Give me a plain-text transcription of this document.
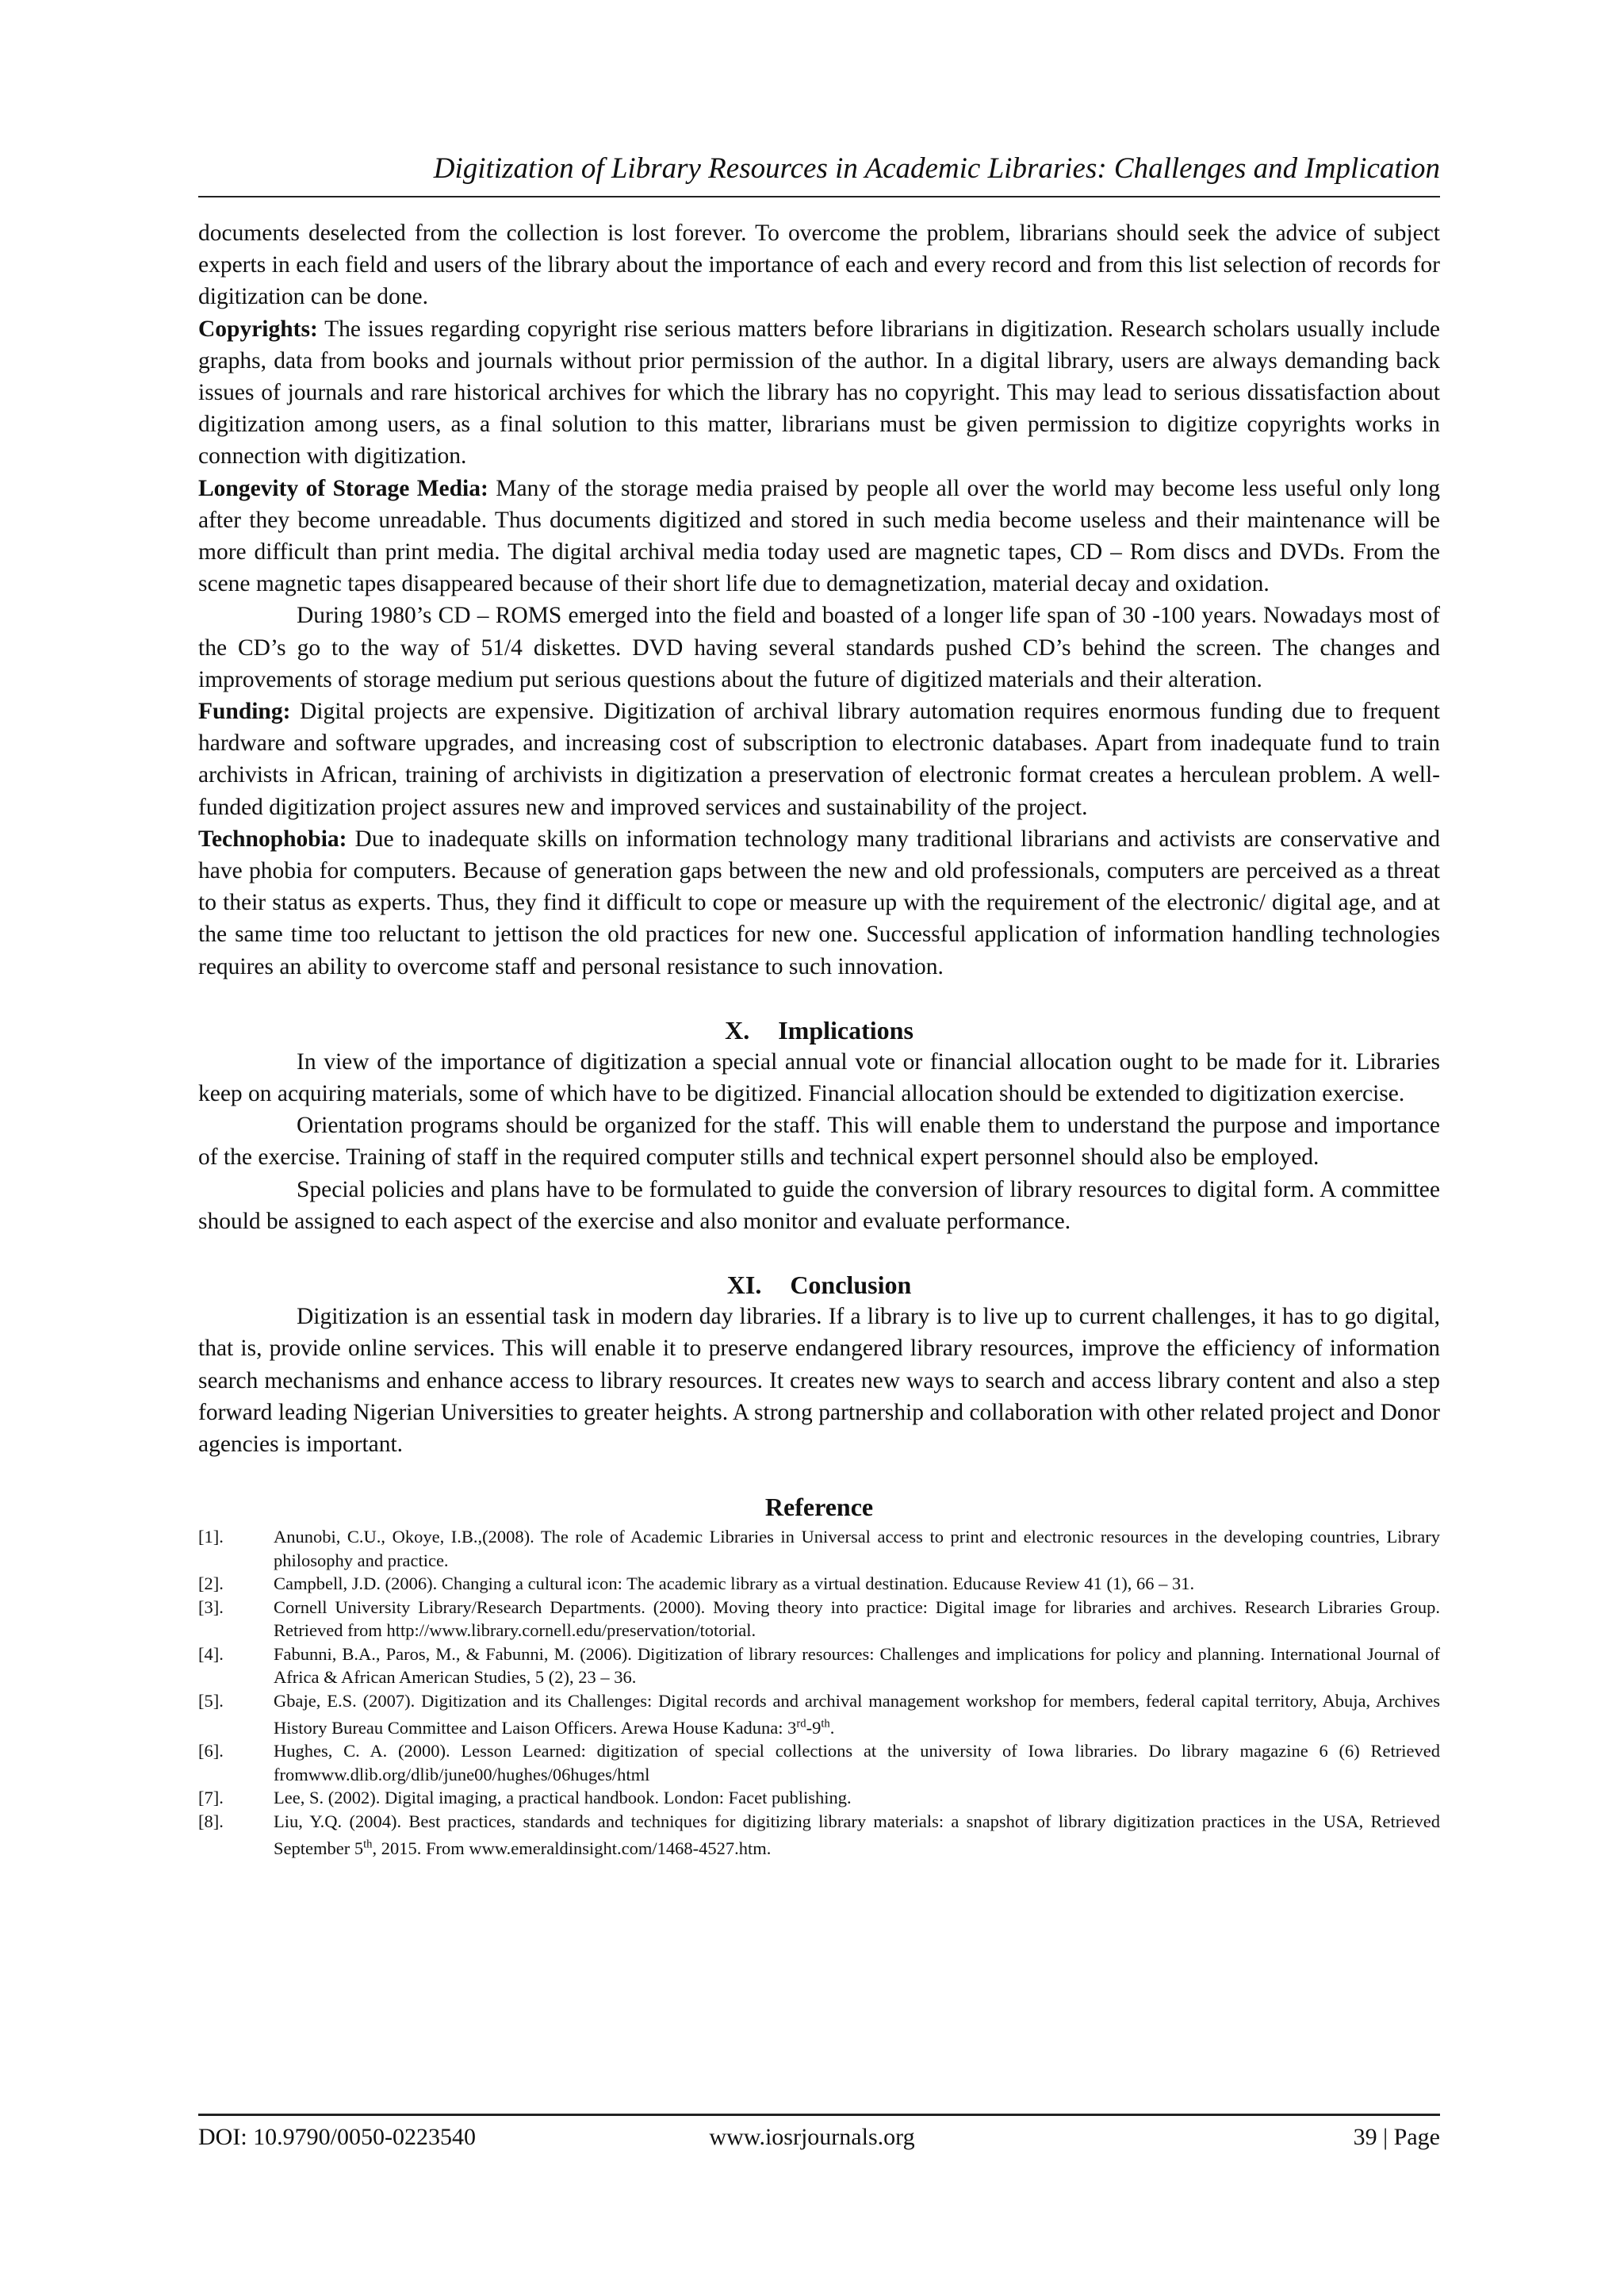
Digitization of Library Resources in Academic Libraries: Challenges and Implication

documents deselected from the collection is lost forever. To overcome the problem, librarians should seek the advice of subject experts in each field and users of the library about the importance of each and every record and from this list selection of records for digitization can be done.

Copyrights: The issues regarding copyright rise serious matters before librarians in digitization. Research scholars usually include graphs, data from books and journals without prior permission of the author. In a digital library, users are always demanding back issues of journals and rare historical archives for which the library has no copyright. This may lead to serious dissatisfaction about digitization among users, as a final solution to this matter, librarians must be given permission to digitize copyrights works in connection with digitization.

Longevity of Storage Media: Many of the storage media praised by people all over the world may become less useful only long after they become unreadable. Thus documents digitized and stored in such media become useless and their maintenance will be more difficult than print media. The digital archival media today used are magnetic tapes, CD – Rom discs and DVDs. From the scene magnetic tapes disappeared because of their short life due to demagnetization, material decay and oxidation.

During 1980’s CD – ROMS emerged into the field and boasted of a longer life span of 30 -100 years. Nowadays most of the CD’s go to the way of 51/4 diskettes. DVD having several standards pushed CD’s behind the screen. The changes and improvements of storage medium put serious questions about the future of digitized materials and their alteration.

Funding: Digital projects are expensive. Digitization of archival library automation requires enormous funding due to frequent hardware and software upgrades, and increasing cost of subscription to electronic databases. Apart from inadequate fund to train archivists in African, training of archivists in digitization a preservation of electronic format creates a herculean problem. A well-funded digitization project assures new and improved services and sustainability of the project.

Technophobia: Due to inadequate skills on information technology many traditional librarians and activists are conservative and have phobia for computers. Because of generation gaps between the new and old professionals, computers are perceived as a threat to their status as experts. Thus, they find it difficult to cope or measure up with the requirement of the electronic/ digital age, and at the same time too reluctant to jettison the old practices for new one. Successful application of information handling technologies requires an ability to overcome staff and personal resistance to such innovation.

X. Implications

In view of the importance of digitization a special annual vote or financial allocation ought to be made for it. Libraries keep on acquiring materials, some of which have to be digitized. Financial allocation should be extended to digitization exercise.

Orientation programs should be organized for the staff. This will enable them to understand the purpose and importance of the exercise. Training of staff in the required computer stills and technical expert personnel should also be employed.

Special policies and plans have to be formulated to guide the conversion of library resources to digital form. A committee should be assigned to each aspect of the exercise and also monitor and evaluate performance.

XI. Conclusion

Digitization is an essential task in modern day libraries. If a library is to live up to current challenges, it has to go digital, that is, provide online services. This will enable it to preserve endangered library resources, improve the efficiency of information search mechanisms and enhance access to library resources. It creates new ways to search and access library content and also a step forward leading Nigerian Universities to greater heights. A strong partnership and collaboration with other related project and Donor agencies is important.

Reference
[1].	Anunobi, C.U., Okoye, I.B.,(2008). The role of Academic Libraries in Universal access to print and electronic resources in the developing countries, Library philosophy and practice.
[2].	Campbell, J.D. (2006). Changing a cultural icon: The academic library as a virtual destination. Educause Review 41 (1), 66 – 31.
[3].	Cornell University Library/Research Departments. (2000). Moving theory into practice: Digital image for libraries and archives. Research Libraries Group. Retrieved from http://www.library.cornell.edu/preservation/totorial.
[4].	Fabunni, B.A., Paros, M., & Fabunni, M. (2006). Digitization of library resources: Challenges and implications for policy and planning. International Journal of Africa & African American Studies, 5 (2), 23 – 36.
[5].	Gbaje, E.S. (2007). Digitization and its Challenges: Digital records and archival management workshop for members, federal capital territory, Abuja, Archives History Bureau Committee and Laison Officers. Arewa House Kaduna: 3rd-9th.
[6].	Hughes, C. A. (2000). Lesson Learned: digitization of special collections at the university of Iowa libraries. Do library magazine 6 (6) Retrieved fromwww.dlib.org/dlib/june00/hughes/06huges/html
[7].	Lee, S. (2002). Digital imaging, a practical handbook. London: Facet publishing.
[8].	Liu, Y.Q. (2004). Best practices, standards and techniques for digitizing library materials: a snapshot of library digitization practices in the USA, Retrieved September 5th, 2015. From www.emeraldinsight.com/1468-4527.htm.
DOI: 10.9790/0050-0223540	www.iosrjournals.org	39 | Page
